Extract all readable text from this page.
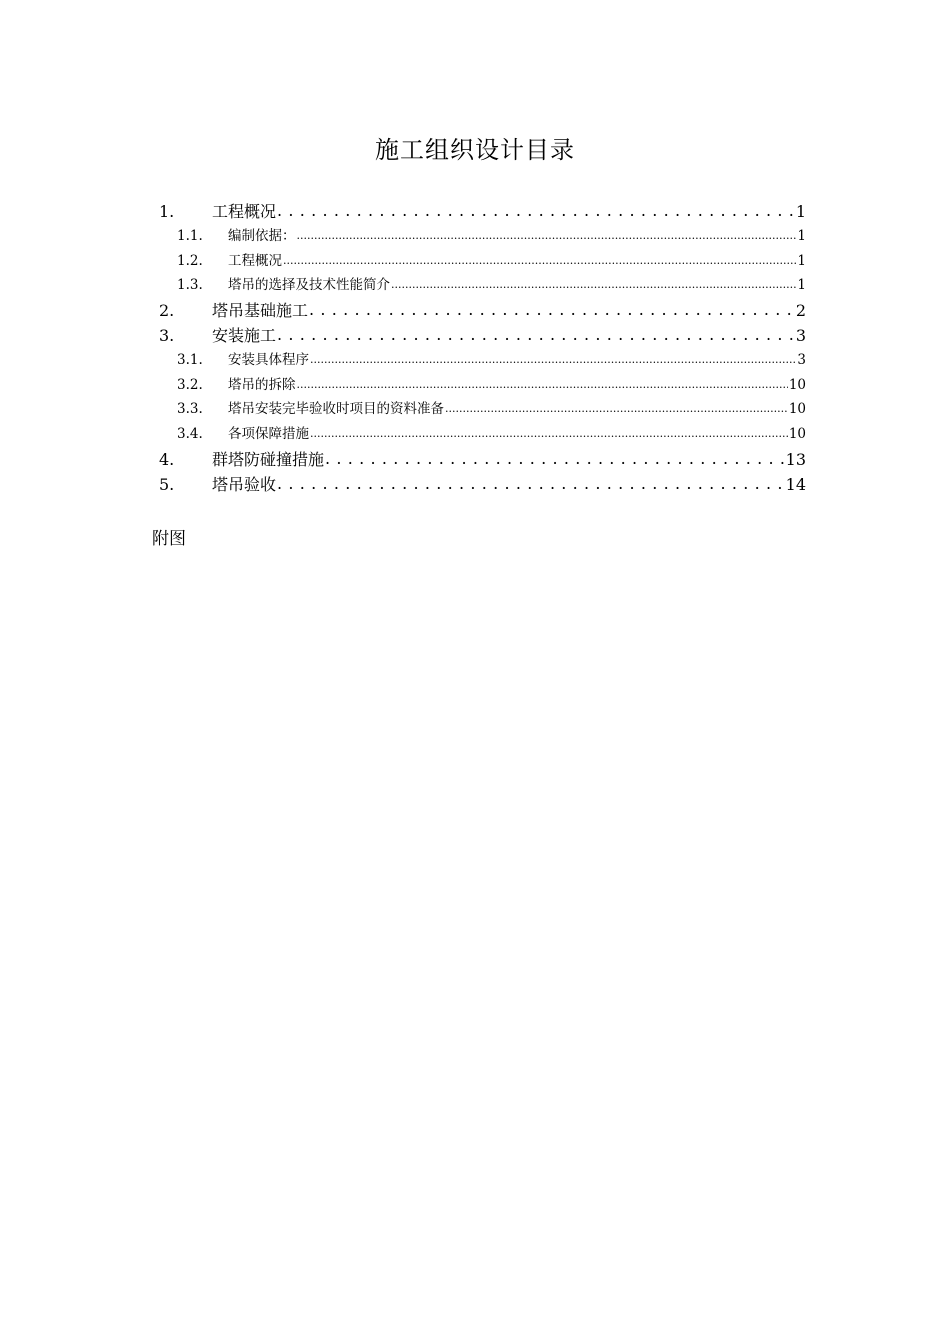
施工组织设计目录
1.	工程概况 . . .	1
1.1.	编制依据： .....	1
1.2.	工程概况 .....	1
1.3.	塔吊的选择及技术性能简介 .....	1
2.	塔吊基础施工 . . .	2
3.	安装施工 . . .	3
3.1.	安装具体程序 .....	3
3.2.	塔吊的拆除 .....	10
3.3.	塔吊安装完毕验收时项目的资料准备 .....	10
3.4.	各项保障措施 .....	10
4.	群塔防碰撞措施 . . .	13
5.	塔吊验收 . . .	14
附图
